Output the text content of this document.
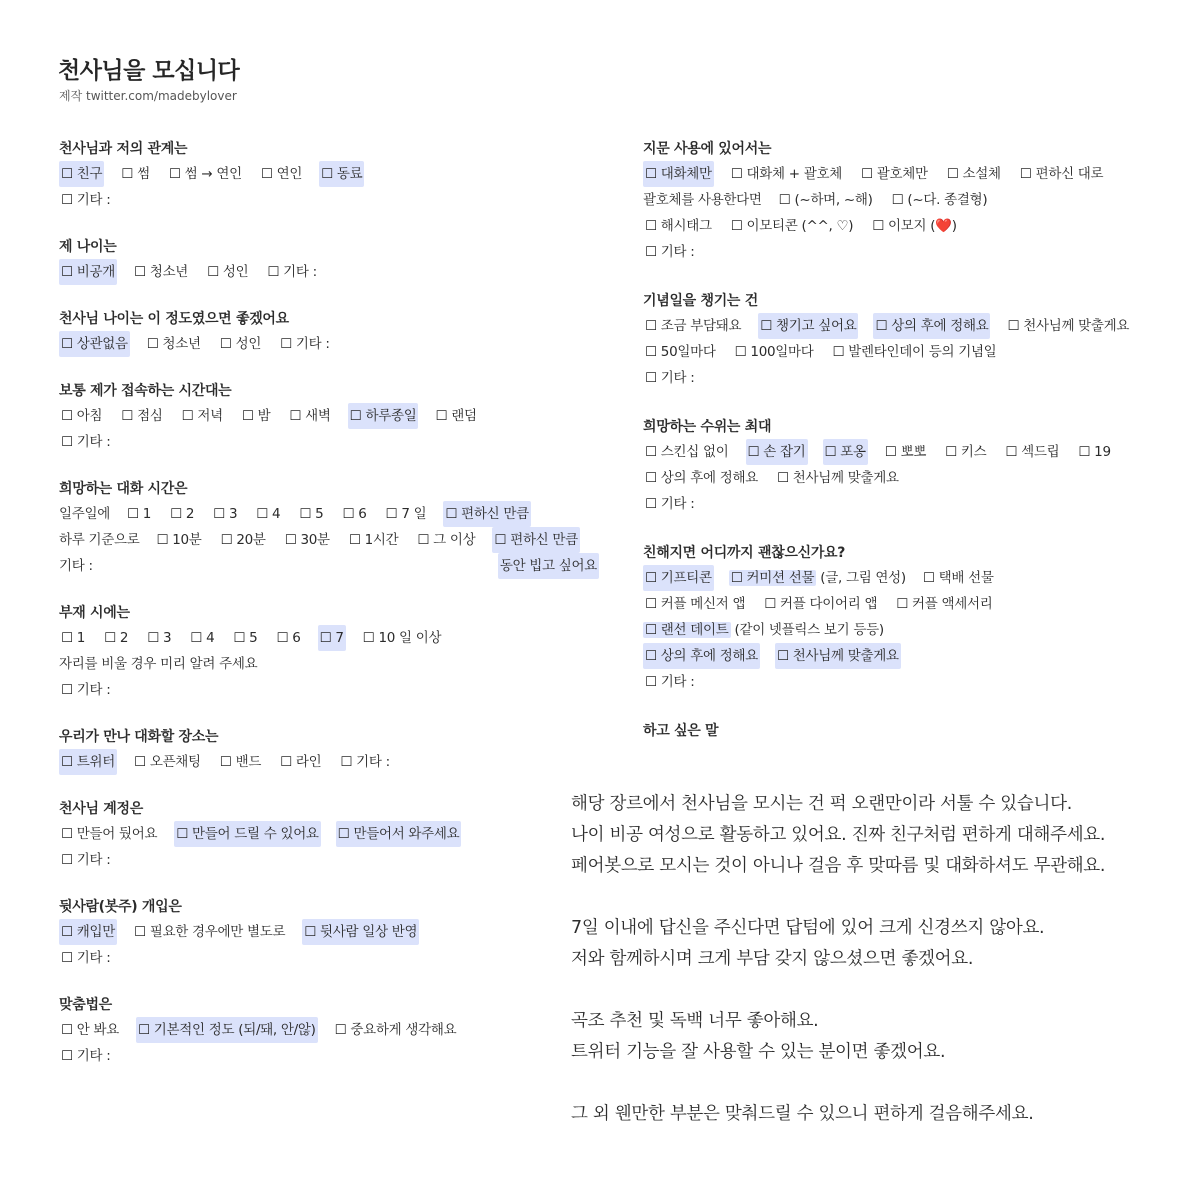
천사님을 모십니다
제작 twitter.com/madebylover
천사님과 저의 관계는
☐ 친구 ☐ 썸 ☐ 썸 → 연인 ☐ 연인 ☐ 동료
☐ 기타 :
제 나이는
☐ 비공개 ☐ 청소년 ☐ 성인 ☐ 기타 :
천사님 나이는 이 정도였으면 좋겠어요
☐ 상관없음 ☐ 청소년 ☐ 성인 ☐ 기타 :
보통 제가 접속하는 시간대는
☐ 아침 ☐ 점심 ☐ 저녁 ☐ 밤 ☐ 새벽 ☐ 하루종일 ☐ 랜덤
☐ 기타 :
희망하는 대화 시간은
일주일에 ☐ 1 ☐ 2 ☐ 3 ☐ 4 ☐ 5 ☐ 6 ☐ 7 일 ☐ 편하신 만큼
하루 기준으로 ☐ 10분 ☐ 20분 ☐ 30분 ☐ 1시간 ☐ 그 이상 ☐ 편하신 만큼
기타 :	동안 빕고 싶어요
부재 시에는
☐ 1 ☐ 2 ☐ 3 ☐ 4 ☐ 5 ☐ 6 ☐ 7 ☐ 10 일 이상
자리를 비울 경우 미리 알려 주세요
☐ 기타 :
우리가 만나 대화할 장소는
☐ 트위터 ☐ 오픈채팅 ☐ 밴드 ☐ 라인 ☐ 기타 :
천사님 계정은
☐ 만들어 뒀어요 ☐ 만들어 드릴 수 있어요 ☐ 만들어서 와주세요
☐ 기타 :
뒷사람(봇주) 개입은
☐ 캐입만 ☐ 필요한 경우에만 별도로 ☐ 뒷사람 일상 반영
☐ 기타 :
맞춤법은
☐ 안 봐요 ☐ 기본적인 정도 (되/돼, 안/않) ☐ 중요하게 생각해요
☐ 기타 :
지문 사용에 있어서는
☐ 대화체만 ☐ 대화체 + 괄호체 ☐ 괄호체만 ☐ 소설체 ☐ 편하신 대로
괄호체를 사용한다면 ☐ (~하며, ~해) ☐ (~다. 종결형)
☐ 해시태그 ☐ 이모티콘 (^^, ♡) ☐ 이모지 (❤️)
☐ 기타 :
기념일을 챙기는 건
☐ 조금 부담돼요 ☐ 챙기고 싶어요 ☐ 상의 후에 정해요 ☐ 천사님께 맞출게요
☐ 50일마다 ☐ 100일마다 ☐ 발렌타인데이 등의 기념일
☐ 기타 :
희망하는 수위는 최대
☐ 스킨십 없이 ☐ 손 잡기 ☐ 포옹 ☐ 뽀뽀 ☐ 키스 ☐ 섹드립 ☐ 19
☐ 상의 후에 정해요 ☐ 천사님께 맞출게요
☐ 기타 :
친해지면 어디까지 괜찮으신가요?
☐ 기프티콘 ☐ 커미션 선물 (글, 그림 연성) ☐ 택배 선물
☐ 커플 메신저 앱 ☐ 커플 다이어리 앱 ☐ 커플 액세서리
☐ 랜선 데이트 (같이 넷플릭스 보기 등등)
☐ 상의 후에 정해요 ☐ 천사님께 맞출게요
☐ 기타 :
하고 싶은 말
해당 장르에서 천사님을 모시는 건 퍽 오랜만이라 서툴 수 있습니다.
나이 비공 여성으로 활동하고 있어요. 진짜 친구처럼 편하게 대해주세요.
페어봇으로 모시는 것이 아니나 걸음 후 맞따름 및 대화하셔도 무관해요.
7일 이내에 답신을 주신다면 답텀에 있어 크게 신경쓰지 않아요.
저와 함께하시며 크게 부담 갖지 않으셨으면 좋겠어요.
곡조 추천 및 독백 너무 좋아해요.
트위터 기능을 잘 사용할 수 있는 분이면 좋겠어요.
그 외 웬만한 부분은 맞춰드릴 수 있으니 편하게 걸음해주세요.
